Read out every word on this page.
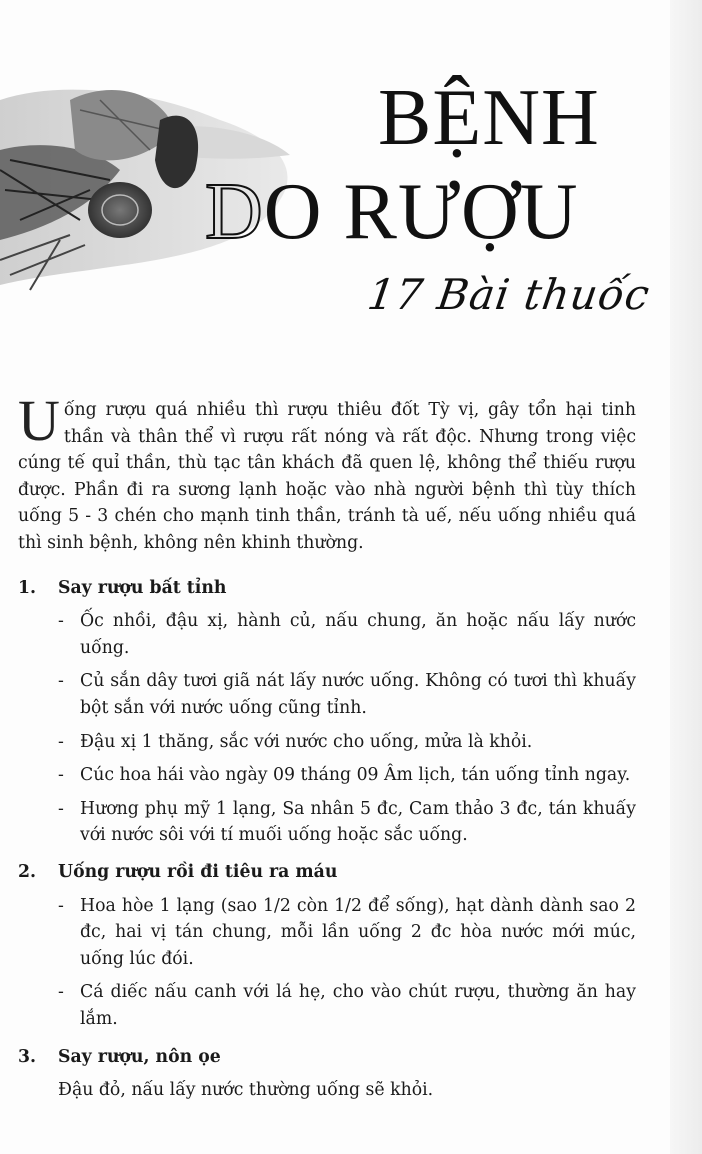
BỆNH
DO RƯỢU
17 Bài thuốc

Uống rượu quá nhiều thì rượu thiêu đốt Tỳ vị, gây tổn hại tinh thần và thân thể vì rượu rất nóng và rất độc. Nhưng trong việc cúng tế quỉ thần, thù tạc tân khách đã quen lệ, không thể thiếu rượu được. Phần đi ra sương lạnh hoặc vào nhà người bệnh thì tùy thích uống 5 - 3 chén cho mạnh tinh thần, tránh tà uế, nếu uống nhiều quá thì sinh bệnh, không nên khinh thường.

1.	Say rượu bất tỉnh
- Ốc nhồi, đậu xị, hành củ, nấu chung, ăn hoặc nấu lấy nước uống.
- Củ sắn dây tươi giã nát lấy nước uống. Không có tươi thì khuấy bột sắn với nước uống cũng tỉnh.
- Đậu xị 1 thăng, sắc với nước cho uống, mửa là khỏi.
- Cúc hoa hái vào ngày 09 tháng 09 Âm lịch, tán uống tỉnh ngay.
- Hương phụ mỹ 1 lạng, Sa nhân 5 đc, Cam thảo 3 đc, tán khuấy với nước sôi với tí muối uống hoặc sắc uống.
2.	Uống rượu rồi đi tiêu ra máu
- Hoa hòe 1 lạng (sao 1/2 còn 1/2 để sống), hạt dành dành sao 2 đc, hai vị tán chung, mỗi lần uống 2 đc hòa nước mới múc, uống lúc đói.
- Cá diếc nấu canh với lá hẹ, cho vào chút rượu, thường ăn hay lắm.
3.	Say rượu, nôn ọe
Đậu đỏ, nấu lấy nước thường uống sẽ khỏi.
